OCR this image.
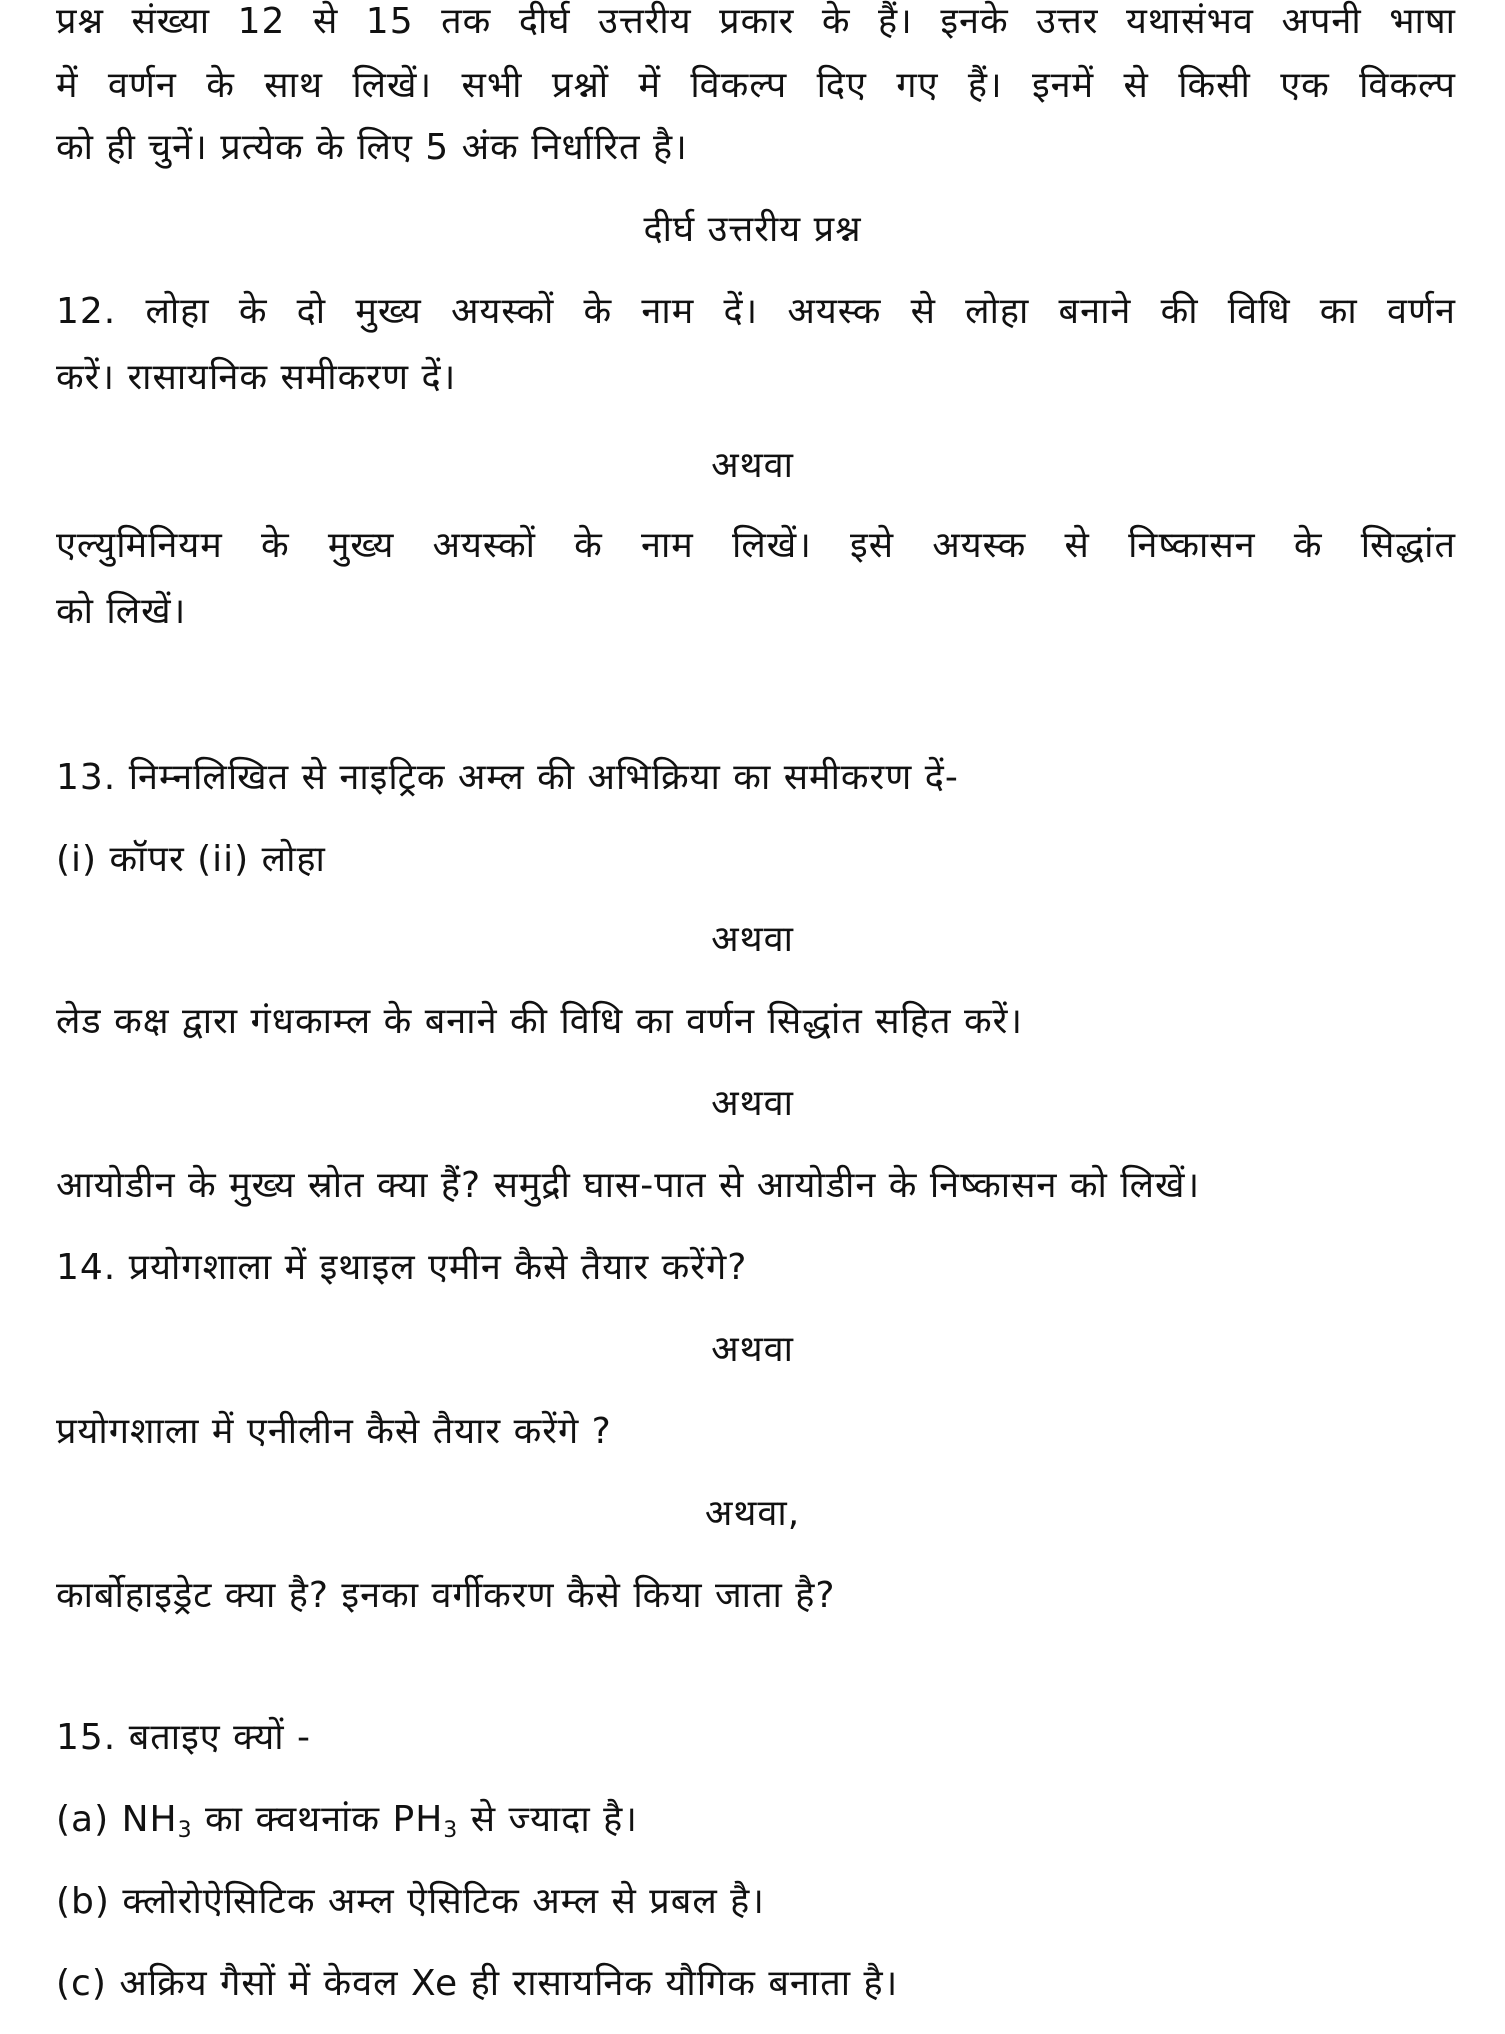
प्रश्न संख्या 12 से 15 तक दीर्घ उत्तरीय प्रकार के हैं। इनके उत्तर यथासंभव अपनी भाषा
में वर्णन के साथ लिखें। सभी प्रश्नों में विकल्प दिए गए हैं। इनमें से किसी एक विकल्प
को ही चुनें। प्रत्येक के लिए 5 अंक निर्धारित है।
दीर्घ उत्तरीय प्रश्न
12. लोहा के दो मुख्य अयस्कों के नाम दें। अयस्क से लोहा बनाने की विधि का वर्णन
करें। रासायनिक समीकरण दें।
अथवा
एल्युमिनियम के मुख्य अयस्कों के नाम लिखें। इसे अयस्क से निष्कासन के सिद्धांत
को लिखें।
13. निम्नलिखित से नाइट्रिक अम्ल की अभिक्रिया का समीकरण दें-
(i) कॉपर (ii) लोहा
अथवा
लेड कक्ष द्वारा गंधकाम्ल के बनाने की विधि का वर्णन सिद्धांत सहित करें।
अथवा
आयोडीन के मुख्य स्रोत क्या हैं? समुद्री घास-पात से आयोडीन के निष्कासन को लिखें।
14. प्रयोगशाला में इथाइल एमीन कैसे तैयार करेंगे?
अथवा
प्रयोगशाला में एनीलीन कैसे तैयार करेंगे ?
अथवा,
कार्बोहाइड्रेट क्या है? इनका वर्गीकरण कैसे किया जाता है?
15. बताइए क्यों -
(a) $NH_3$ का क्वथनांक $PH_3$ से ज्यादा है।
(b) क्लोरोऐसिटिक अम्ल ऐसिटिक अम्ल से प्रबल है।
(c) अक्रिय गैसों में केवल Xe ही रासायनिक यौगिक बनाता है।
